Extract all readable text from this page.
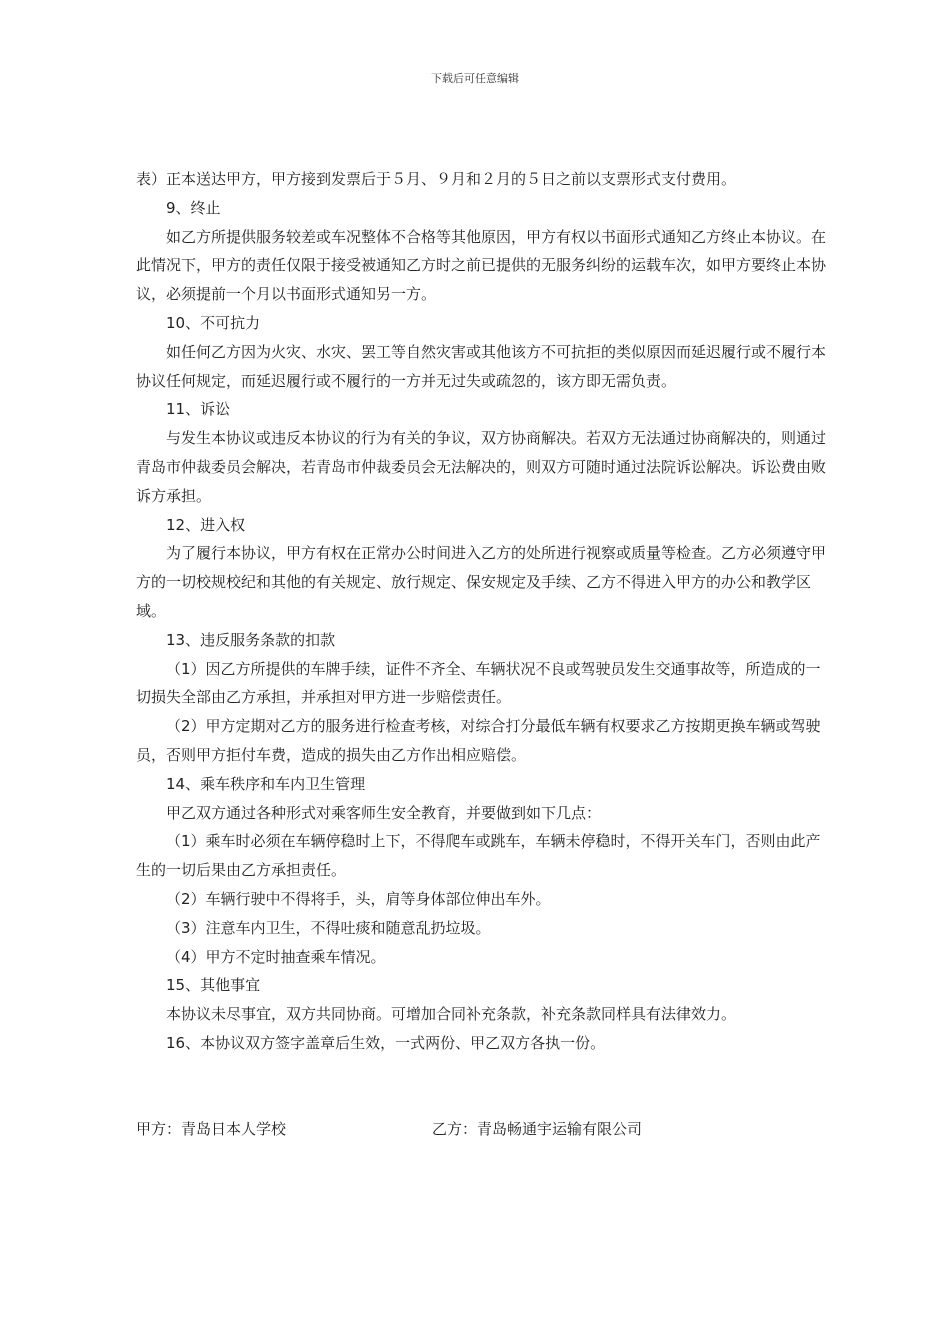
下载后可任意编辑

表）正本送达甲方，甲方接到发票后于５月、９月和２月的５日之前以支票形式支付费用。

9、终止

如乙方所提供服务较差或车况整体不合格等其他原因，甲方有权以书面形式通知乙方终止本协议。在此情况下，甲方的责任仅限于接受被通知乙方时之前已提供的无服务纠纷的运载车次，如甲方要终止本协议，必须提前一个月以书面形式通知另一方。

10、不可抗力

如任何乙方因为火灾、水灾、罢工等自然灾害或其他该方不可抗拒的类似原因而延迟履行或不履行本协议任何规定，而延迟履行或不履行的一方并无过失或疏忽的，该方即无需负责。

11、诉讼

与发生本协议或违反本协议的行为有关的争议，双方协商解决。若双方无法通过协商解决的，则通过青岛市仲裁委员会解决，若青岛市仲裁委员会无法解决的，则双方可随时通过法院诉讼解决。诉讼费由败诉方承担。

12、进入权

为了履行本协议，甲方有权在正常办公时间进入乙方的处所进行视察或质量等检查。乙方必须遵守甲方的一切校规校纪和其他的有关规定、放行规定、保安规定及手续、乙方不得进入甲方的办公和教学区域。

13、违反服务条款的扣款

（1）因乙方所提供的车牌手续，证件不齐全、车辆状况不良或驾驶员发生交通事故等，所造成的一切损失全部由乙方承担，并承担对甲方进一步赔偿责任。

（2）甲方定期对乙方的服务进行检查考核，对综合打分最低车辆有权要求乙方按期更换车辆或驾驶员，否则甲方拒付车费，造成的损失由乙方作出相应赔偿。

14、乘车秩序和车内卫生管理

甲乙双方通过各种形式对乘客师生安全教育，并要做到如下几点：

（1）乘车时必须在车辆停稳时上下，不得爬车或跳车，车辆未停稳时，不得开关车门，否则由此产生的一切后果由乙方承担责任。

（2）车辆行驶中不得将手，头，肩等身体部位伸出车外。

（3）注意车内卫生，不得吐痰和随意乱扔垃圾。

（4）甲方不定时抽查乘车情况。

15、其他事宜

本协议未尽事宜，双方共同协商。可增加合同补充条款，补充条款同样具有法律效力。

16、本协议双方签字盖章后生效，一式两份、甲乙双方各执一份。

甲方：青岛日本人学校	乙方：青岛畅通宇运输有限公司
